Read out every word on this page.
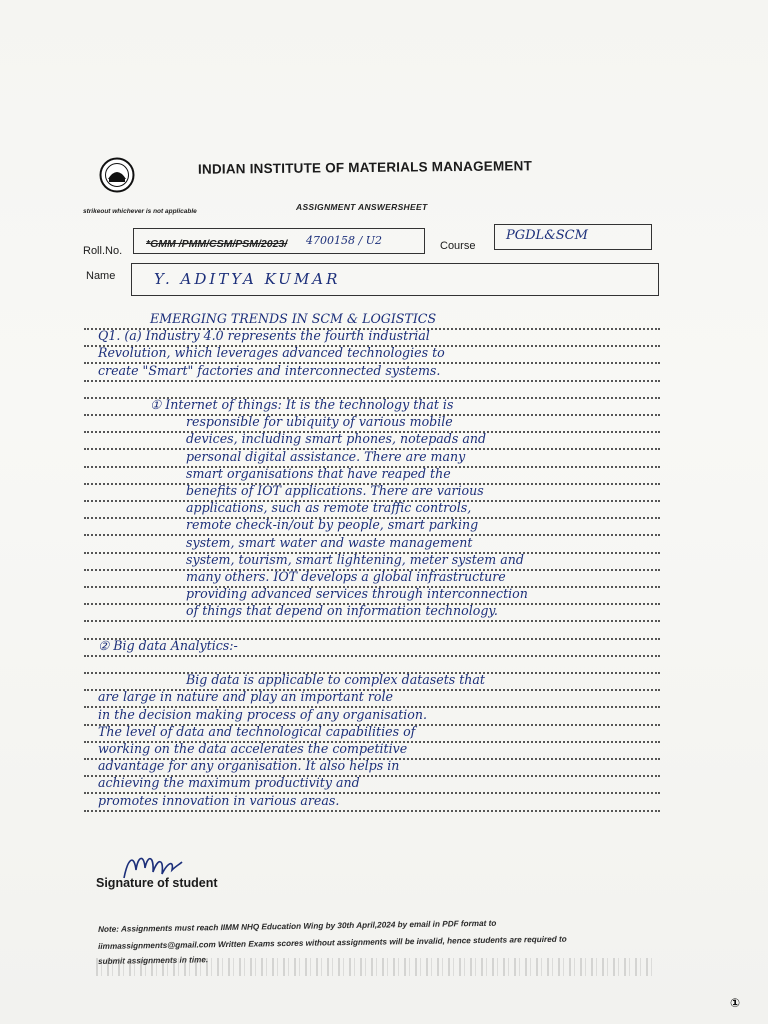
INDIAN INSTITUTE OF MATERIALS MANAGEMENT
strikeout whichever is not applicable	ASSIGNMENT ANSWERSHEET
Roll.No.
*GMM /PMM/CSM/PSM/2023/ 4700158 / U2	Course
PGDL&SCM
Name	Y. ADITYA KUMAR
EMERGING TRENDS IN SCM & LOGISTICS
Q1. (a) Industry 4.0 represents the fourth industrial
Revolution, which leverages advanced technologies to
create "Smart" factories and interconnected systems.
① Internet of things: It is the technology that is
responsible for ubiquity of various mobile
devices, including smart phones, notepads and
personal digital assistance. There are many
smart organisations that have reaped the
benefits of IOT applications. There are various
applications, such as remote traffic controls,
remote check-in/out by people, smart parking
system, smart water and waste management
system, tourism, smart lightening, meter system and
many others. IOT develops a global infrastructure
providing advanced services through interconnection
of things that depend on information technology.
② Big data Analytics:-
Big data is applicable to complex datasets that
are large in nature and play an important role
in the decision making process of any organisation.
The level of data and technological capabilities of
working on the data accelerates the competitive
advantage for any organisation. It also helps in
achieving the maximum productivity and
promotes innovation in various areas.
Signature of student
Note: Assignments must reach IIMM NHQ Education Wing by 30th April,2024 by email in PDF format to
iimmassignments@gmail.com Written Exams scores without assignments will be invalid, hence students are required to
submit assignments in time.
①
